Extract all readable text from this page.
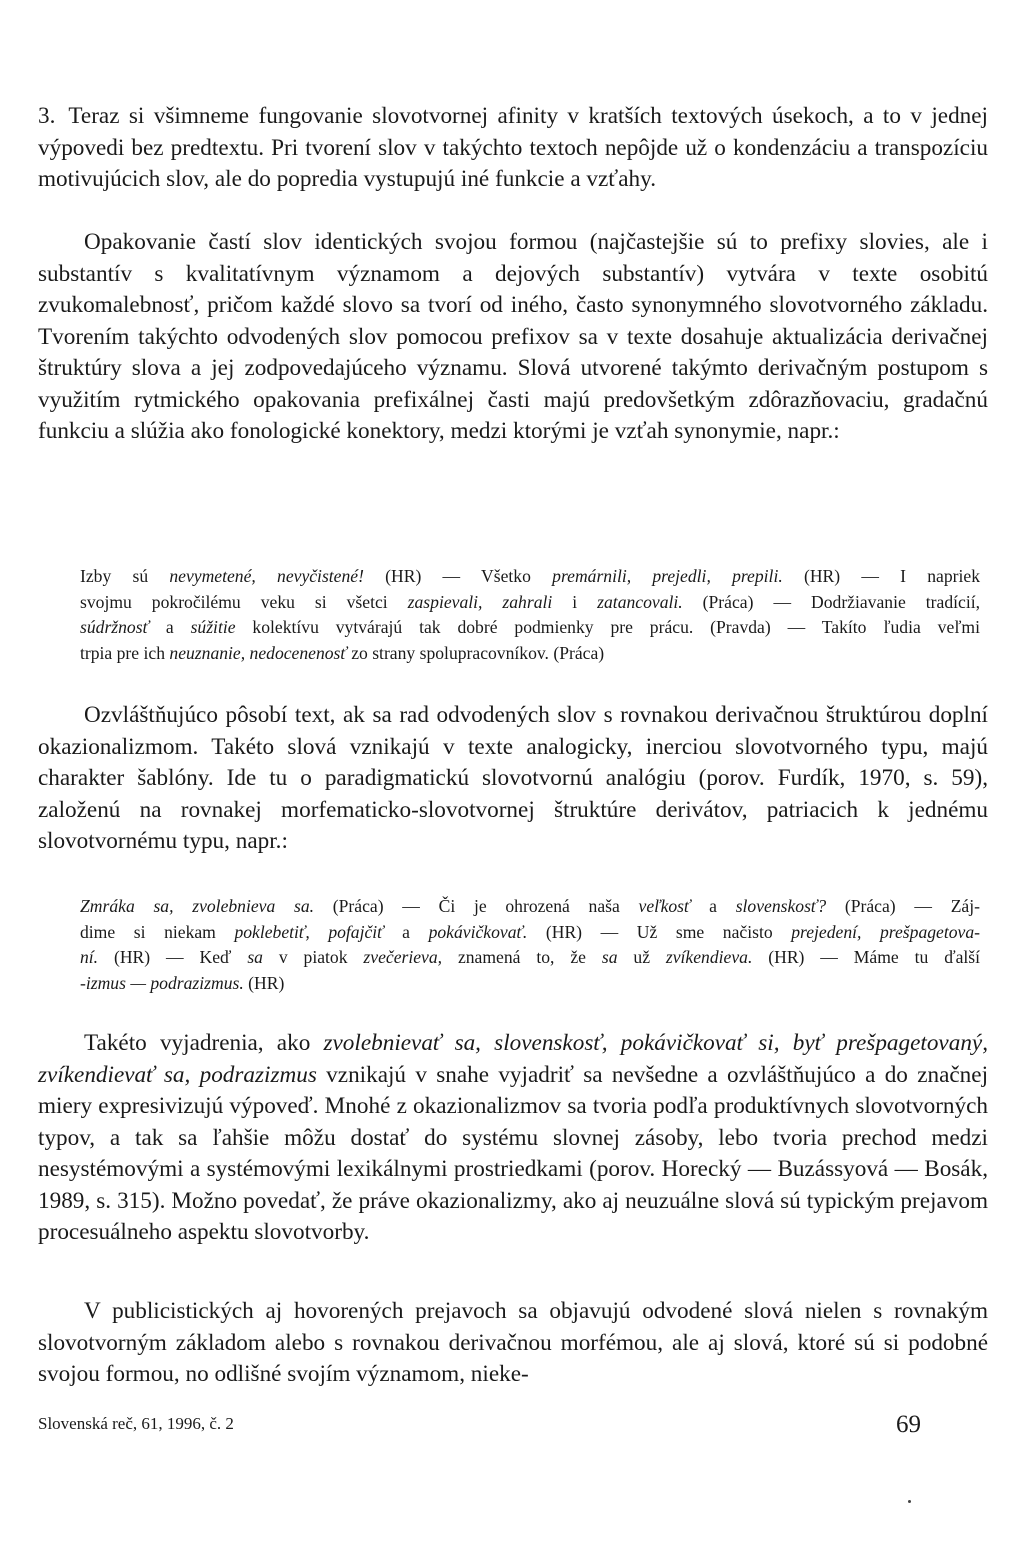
3. Teraz si všimneme fungovanie slovotvornej afinity v kratších textových úsekoch, a to v jednej výpovedi bez predtextu. Pri tvorení slov v takýchto textoch nepôjde už o kondenzáciu a transpozíciu motivujúcich slov, ale do popredia vystupujú iné funkcie a vzťahy.

Opakovanie častí slov identických svojou formou (najčastejšie sú to prefixy slovies, ale i substantív s kvalitatívnym významom a dejových substantív) vytvára v texte osobitú zvukomalebnosť, pričom každé slovo sa tvorí od iného, často synonymného slovotvorného základu. Tvorením takýchto odvodených slov pomocou prefixov sa v texte dosahuje aktualizácia derivačnej štruktúry slova a jej zodpovedajúceho významu. Slová utvorené takýmto derivačným postupom s využitím rytmického opakovania prefixálnej časti majú predovšetkým zdôrazňovaciu, gradačnú funkciu a slúžia ako fonologické konektory, medzi ktorými je vzťah synonymie, napr.:

Izby sú nevymetené, nevyčistené! (HR) — Všetko premárnili, prejedli, prepili. (HR) — I napriek
svojmu pokročilému veku si všetci zaspievali, zahrali i zatancovali. (Práca) — Dodržiavanie tradícií,
súdržnosť a súžitie kolektívu vytvárajú tak dobré podmienky pre prácu. (Pravda) — Takíto ľudia veľmi
trpia pre ich neuznanie, nedocenenosť zo strany spolupracovníkov. (Práca)

Ozvláštňujúco pôsobí text, ak sa rad odvodených slov s rovnakou derivačnou štruktúrou doplní okazionalizmom. Takéto slová vznikajú v texte analogicky, inerciou slovotvorného typu, majú charakter šablóny. Ide tu o paradigmatickú slovotvornú analógiu (porov. Furdík, 1970, s. 59), založenú na rovnakej morfematicko-slovotvornej štruktúre derivátov, patriacich k jednému slovotvornému typu, napr.:

Zmráka sa, zvolebnieva sa. (Práca) — Či je ohrozená naša veľkosť a slovenskosť? (Práca) — Záj-
dime si niekam poklebetiť, pofajčiť a pokávičkovať. (HR) — Už sme načisto prejedení, prešpagetova-
ní. (HR) — Keď sa v piatok zvečerieva, znamená to, že sa už zvíkendieva. (HR) — Máme tu ďalší
-izmus — podrazizmus. (HR)

Takéto vyjadrenia, ako zvolebnievať sa, slovenskosť, pokávičkovať si, byť prešpagetovaný, zvíkendievať sa, podrazizmus vznikajú v snahe vyjadriť sa nevšedne a ozvláštňujúco a do značnej miery expresivizujú výpoveď. Mnohé z okazionalizmov sa tvoria podľa produktívnych slovotvorných typov, a tak sa ľahšie môžu dostať do systému slovnej zásoby, lebo tvoria prechod medzi nesystémovými a systémovými lexikálnymi prostriedkami (porov. Horecký — Buzássyová — Bosák, 1989, s. 315). Možno povedať, že práve okazionalizmy, ako aj neuzuálne slová sú typickým prejavom procesuálneho aspektu slovotvorby.

V publicistických aj hovorených prejavoch sa objavujú odvodené slová nielen s rovnakým slovotvorným základom alebo s rovnakou derivačnou morfémou, ale aj slová, ktoré sú si podobné svojou formou, no odlišné svojím významom, nieke-

Slovenská reč, 61, 1996, č. 2	69
